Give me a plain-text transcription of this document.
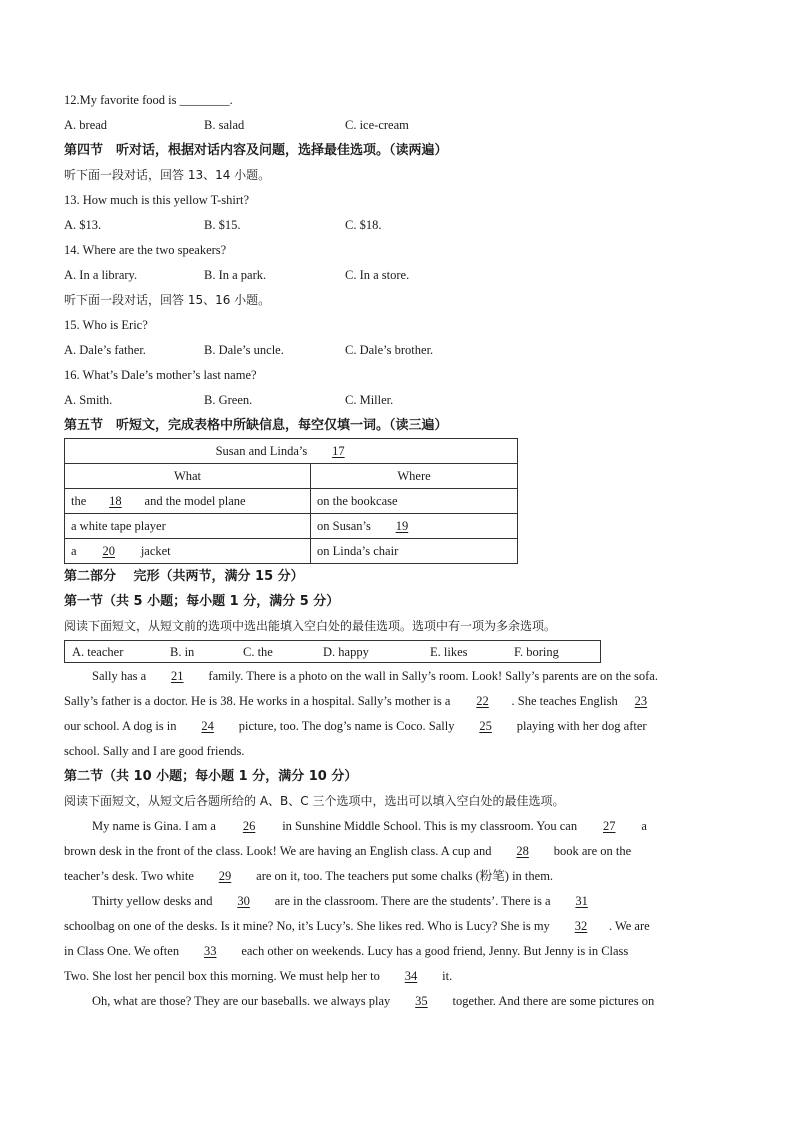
12.My favorite food is ________.
A. bread	B. salad	C. ice-cream
第四节　听对话，根据对话内容及问题，选择最佳选项。（读两遍）
听下面一段对话，回答 13、14 小题。
13. How much is this yellow T-shirt?
A. $13.	B. $15.	C. $18.
14. Where are the two speakers?
A. In a library.	B. In a park.	C. In a store.
听下面一段对话，回答 15、16 小题。
15. Who is Eric?
A. Dale’s father.	B. Dale’s uncle.	C. Dale’s brother.
16. What’s Dale’s mother’s last name?
A. Smith.	B. Green.	C. Miller.
第五节　听短文，完成表格中所缺信息，每空仅填一词。（读三遍）
Susan and Linda’s 17	
What	Where
the 18 and the model plane	on the bookcase
a white tape player	on Susan’s 19
a 20 jacket	on Linda’s chair
第二部分　 完形（共两节，满分 15 分）
第一节（共 5 小题；每小题 1 分，满分 5 分）
阅读下面短文，从短文前的选项中选出能填入空白处的最佳选项。选项中有一项为多余选项。
A. teacher	B. in	C. the	D. happy	E. likes	F. boring
Sally has a 21 family. There is a photo on the wall in Sally’s room. Look! Sally’s parents are on the sofa.
Sally’s father is a doctor. He is 38. He works in a hospital. Sally’s mother is a 22 . She teaches English 23
our school. A dog is in 24 picture, too. The dog’s name is Coco. Sally 25 playing with her dog after
school. Sally and I are good friends.
第二节（共 10 小题；每小题 1 分，满分 10 分）
阅读下面短文，从短文后各题所给的 A、B、C 三个选项中，选出可以填入空白处的最佳选项。
My name is Gina. I am a 26 in Sunshine Middle School. This is my classroom. You can 27 a
brown desk in the front of the class. Look! We are having an English class. A cup and 28 book are on the
teacher’s desk. Two white 29 are on it, too. The teachers put some chalks (粉笔) in them.
Thirty yellow desks and 30 are in the classroom. There are the students’. There is a 31
schoolbag on one of the desks. Is it mine? No, it’s Lucy’s. She likes red. Who is Lucy? She is my 32 . We are
in Class One. We often 33 each other on weekends. Lucy has a good friend, Jenny. But Jenny is in Class
Two. She lost her pencil box this morning. We must help her to 34 it.
Oh, what are those? They are our baseballs. we always play 35 together. And there are some pictures on
